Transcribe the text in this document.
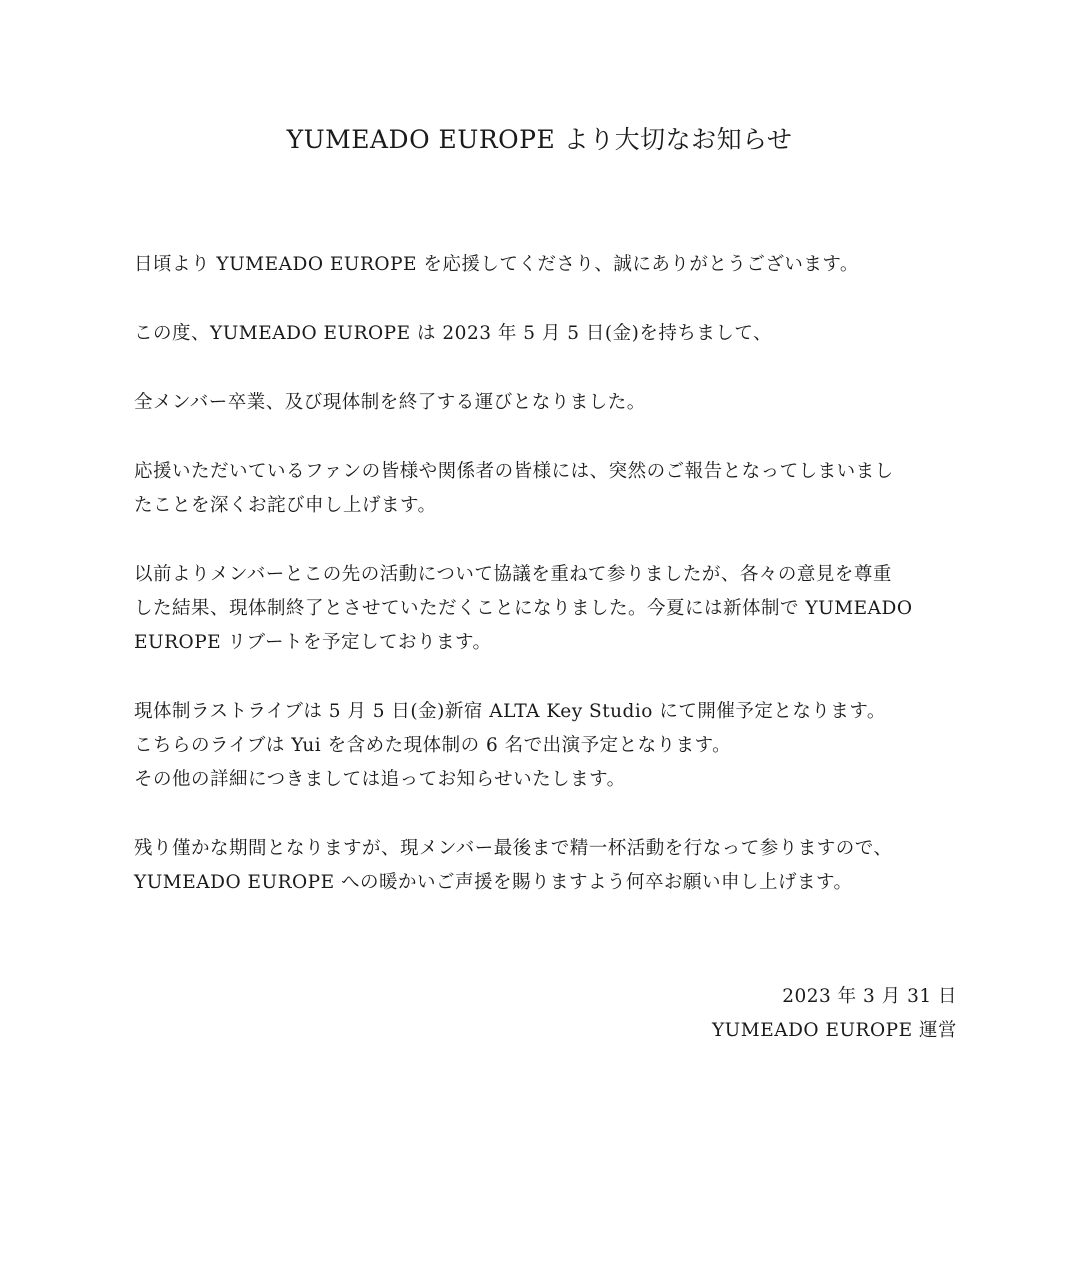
YUMEADO EUROPE より大切なお知らせ

日頃より YUMEADO EUROPE を応援してくださり、誠にありがとうございます。

この度、YUMEADO EUROPE は 2023 年 5 月 5 日(金)を持ちまして、

全メンバー卒業、及び現体制を終了する運びとなりました。

応援いただいているファンの皆様や関係者の皆様には、突然のご報告となってしまいまし
たことを深くお詫び申し上げます。

以前よりメンバーとこの先の活動について協議を重ねて参りましたが、各々の意見を尊重
した結果、現体制終了とさせていただくことになりました。今夏には新体制で YUMEADO
EUROPE リブートを予定しております。

現体制ラストライブは 5 月 5 日(金)新宿 ALTA Key Studio にて開催予定となります。
こちらのライブは Yui を含めた現体制の 6 名で出演予定となります。
その他の詳細につきましては追ってお知らせいたします。

残り僅かな期間となりますが、現メンバー最後まで精一杯活動を行なって参りますので、
YUMEADO EUROPE への暖かいご声援を賜りますよう何卒お願い申し上げます。

2023 年 3 月 31 日
YUMEADO EUROPE 運営
